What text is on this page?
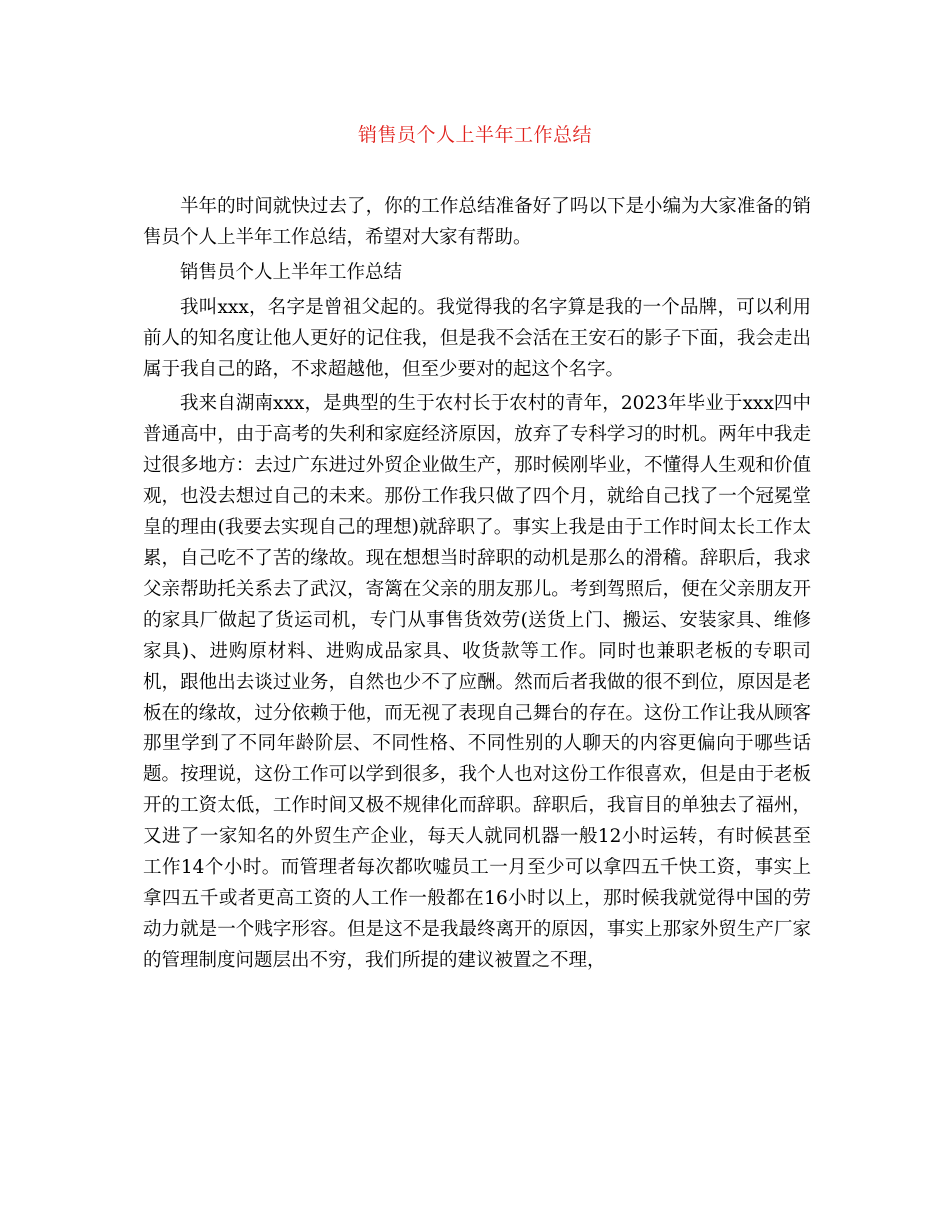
销售员个人上半年工作总结

半年的时间就快过去了，你的工作总结准备好了吗以下是小编为大家准备的销售员个人上半年工作总结，希望对大家有帮助。

销售员个人上半年工作总结

我叫xxx，名字是曾祖父起的。我觉得我的名字算是我的一个品牌，可以利用前人的知名度让他人更好的记住我，但是我不会活在王安石的影子下面，我会走出属于我自己的路，不求超越他，但至少要对的起这个名字。

我来自湖南xxx，是典型的生于农村长于农村的青年，2023年毕业于xxx四中普通高中，由于高考的失利和家庭经济原因，放弃了专科学习的时机。两年中我走过很多地方：去过广东进过外贸企业做生产，那时候刚毕业，不懂得人生观和价值观，也没去想过自己的未来。那份工作我只做了四个月，就给自己找了一个冠冕堂皇的理由(我要去实现自己的理想)就辞职了。事实上我是由于工作时间太长工作太累，自己吃不了苦的缘故。现在想想当时辞职的动机是那么的滑稽。辞职后，我求父亲帮助托关系去了武汉，寄篱在父亲的朋友那儿。考到驾照后，便在父亲朋友开的家具厂做起了货运司机，专门从事售货效劳(送货上门、搬运、安装家具、维修家具)、进购原材料、进购成品家具、收货款等工作。同时也兼职老板的专职司机，跟他出去谈过业务，自然也少不了应酬。然而后者我做的很不到位，原因是老板在的缘故，过分依赖于他，而无视了表现自己舞台的存在。这份工作让我从顾客那里学到了不同年龄阶层、不同性格、不同性别的人聊天的内容更偏向于哪些话题。按理说，这份工作可以学到很多，我个人也对这份工作很喜欢，但是由于老板开的工资太低，工作时间又极不规律化而辞职。辞职后，我盲目的单独去了福州，又进了一家知名的外贸生产企业，每天人就同机器一般12小时运转，有时候甚至工作14个小时。而管理者每次都吹嘘员工一月至少可以拿四五千快工资，事实上拿四五千或者更高工资的人工作一般都在16小时以上，那时候我就觉得中国的劳动力就是一个贱字形容。但是这不是我最终离开的原因，事实上那家外贸生产厂家的管理制度问题层出不穷，我们所提的建议被置之不理，
